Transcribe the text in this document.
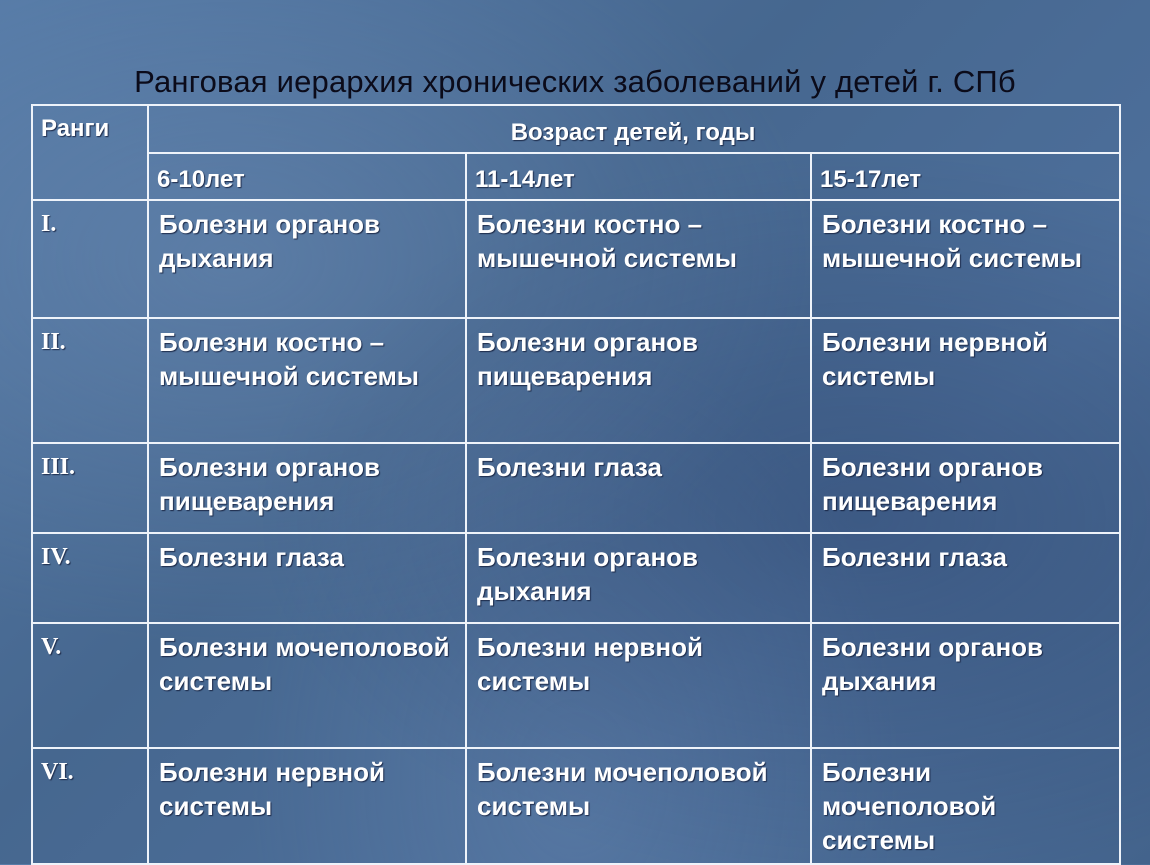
Ранговая иерархия хронических заболеваний у детей г. СПб
Ранги	Возраст детей, годы		
	6-10лет	11-14лет	15-17лет
I.	Болезни органов дыхания	Болезни костно – мышечной системы	Болезни костно – мышечной системы
II.	Болезни костно – мышечной системы	Болезни органов пищеварения	Болезни нервной системы
III.	Болезни органов пищеварения	Болезни глаза	Болезни органов пищеварения
IV.	Болезни глаза	Болезни органов дыхания	Болезни глаза
V.	Болезни мочеполовой системы	Болезни нервной системы	Болезни органов дыхания
VI.	Болезни нервной системы	Болезни мочеполовой системы	Болезни мочеполовой системы
